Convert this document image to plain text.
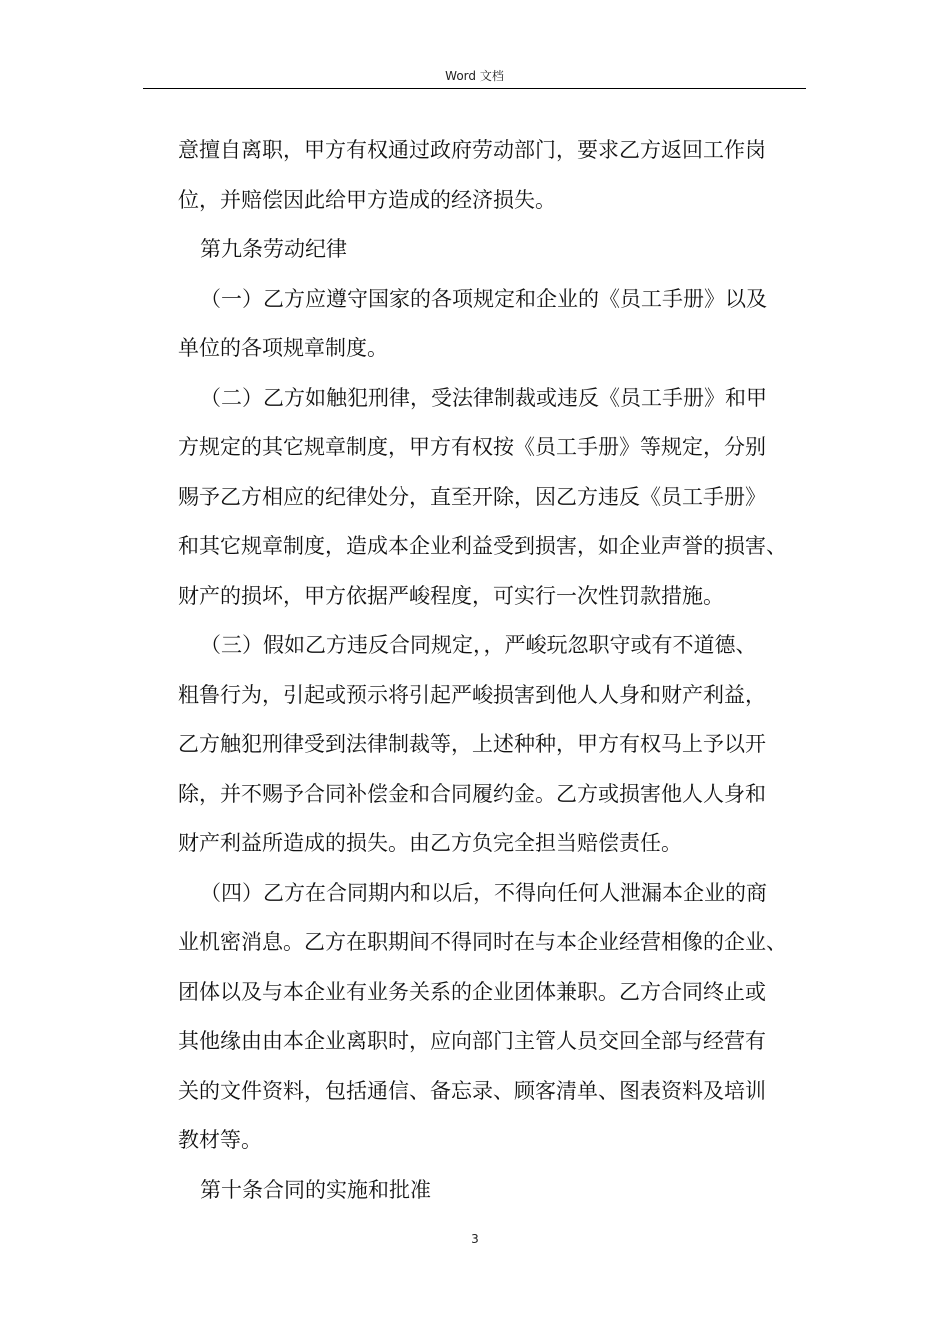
Word 文档

意擅自离职，甲方有权通过政府劳动部门，要求乙方返回工作岗

位，并赔偿因此给甲方造成的经济损失。

第九条劳动纪律

（一）乙方应遵守国家的各项规定和企业的《员工手册》以及

单位的各项规章制度。

（二）乙方如触犯刑律，受法律制裁或违反《员工手册》和甲

方规定的其它规章制度，甲方有权按《员工手册》等规定，分别

赐予乙方相应的纪律处分，直至开除，因乙方违反《员工手册》

和其它规章制度，造成本企业利益受到损害，如企业声誉的损害、

财产的损坏，甲方依据严峻程度，可实行一次性罚款措施。

（三）假如乙方违反合同规定，，严峻玩忽职守或有不道德、

粗鲁行为，引起或预示将引起严峻损害到他人人身和财产利益，

乙方触犯刑律受到法律制裁等，上述种种，甲方有权马上予以开

除，并不赐予合同补偿金和合同履约金。乙方或损害他人人身和

财产利益所造成的损失。由乙方负完全担当赔偿责任。

（四）乙方在合同期内和以后，不得向任何人泄漏本企业的商

业机密消息。乙方在职期间不得同时在与本企业经营相像的企业、

团体以及与本企业有业务关系的企业团体兼职。乙方合同终止或

其他缘由由本企业离职时，应向部门主管人员交回全部与经营有

关的文件资料，包括通信、备忘录、顾客清单、图表资料及培训

教材等。

第十条合同的实施和批准

3
